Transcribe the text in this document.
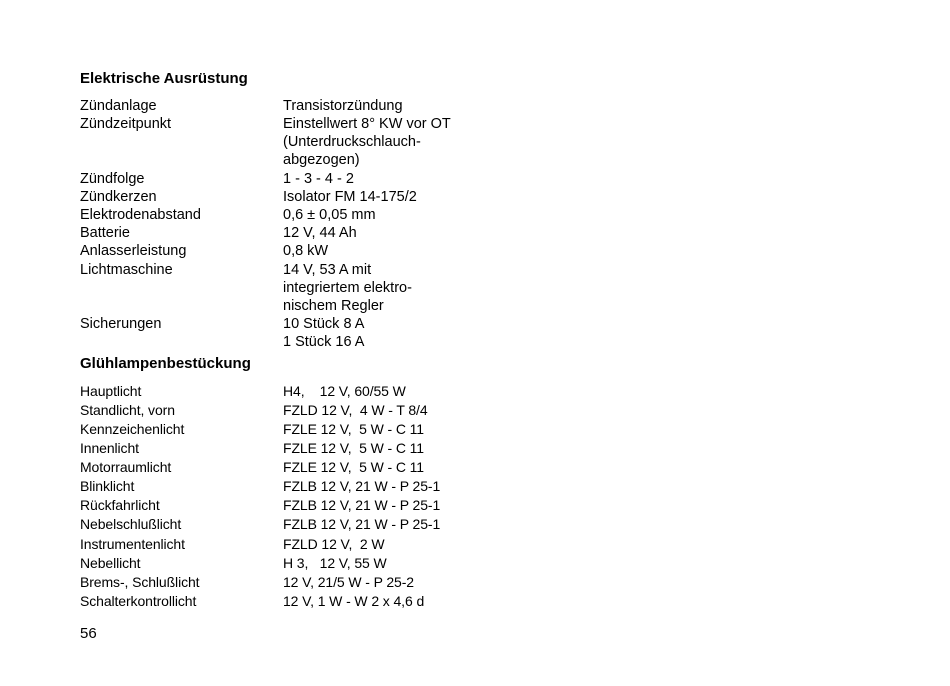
Elektrische Ausrüstung
Zündanlage	Transistorzündung
Zündzeitpunkt	Einstellwert 8° KW vor OT
(Unterdruckschlauch-
abgezogen)
Zündfolge	1 - 3 - 4 - 2
Zündkerzen	Isolator FM 14-175/2
Elektrodenabstand	0,6 ± 0,05 mm
Batterie	12 V, 44 Ah
Anlasserleistung	0,8 kW
Lichtmaschine	14 V, 53 A mit
integriertem elektro-
nischem Regler
Sicherungen	10 Stück 8 A
1 Stück 16 A
Glühlampenbestückung
Hauptlicht	H4,    12 V, 60/55 W
Standlicht, vorn	FZLD 12 V,  4 W - T 8/4
Kennzeichenlicht	FZLE 12 V,  5 W - C 11
Innenlicht	FZLE 12 V,  5 W - C 11
Motorraumlicht	FZLE 12 V,  5 W - C 11
Blinklicht	FZLB 12 V, 21 W - P 25-1
Rückfahrlicht	FZLB 12 V, 21 W - P 25-1
Nebelschlußlicht	FZLB 12 V, 21 W - P 25-1
Instrumentenlicht	FZLD 12 V,  2 W
Nebellicht	H 3,   12 V, 55 W
Brems-, Schlußlicht	12 V, 21/5 W - P 25-2
Schalterkontrollicht	12 V, 1 W - W 2 x 4,6 d
56
